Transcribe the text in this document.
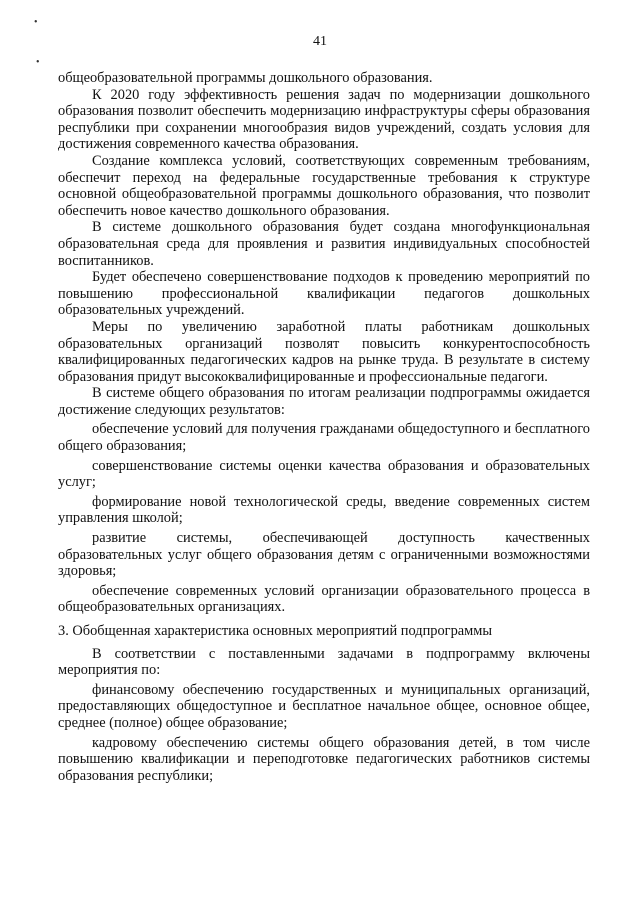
•
•
41

общеобразовательной программы дошкольного образования.

К 2020 году эффективность решения задач по модернизации дошкольного образования позволит обеспечить модернизацию инфраструктуры сферы образования республики при сохранении многообразия видов учреждений, создать условия для достижения современного качества образования.

Создание комплекса условий, соответствующих современным требованиям, обеспечит переход на федеральные государственные требования к структуре основной общеобразовательной программы дошкольного образования, что позволит обеспечить новое качество дошкольного образования.

В системе дошкольного образования будет создана многофункциональная образовательная среда для проявления и развития индивидуальных способностей воспитанников.

Будет обеспечено совершенствование подходов к проведению мероприятий по повышению профессиональной квалификации педагогов дошкольных образовательных учреждений.

Меры по увеличению заработной платы работникам дошкольных образовательных организаций позволят повысить конкурентоспособность квалифицированных педагогических кадров на рынке труда. В результате в систему образования придут высококвалифицированные и профессиональные педагоги.

В системе общего образования по итогам реализации подпрограммы ожидается достижение следующих результатов:

обеспечение условий для получения гражданами общедоступного и бесплатного общего образования;

совершенствование системы оценки качества образования и образовательных услуг;

формирование новой технологической среды, введение современных систем управления школой;

развитие системы, обеспечивающей доступность качественных образовательных услуг общего образования детям с ограниченными возможностями здоровья;

обеспечение современных условий организации образовательного процесса в общеобразовательных организациях.

3. Обобщенная характеристика основных мероприятий подпрограммы

В соответствии с поставленными задачами в подпрограмму включены мероприятия по:

финансовому обеспечению государственных и муниципальных организаций, предоставляющих общедоступное и бесплатное начальное общее, основное общее, среднее (полное) общее образование;

кадровому обеспечению системы общего образования детей, в том числе повышению квалификации и переподготовке педагогических работников системы образования республики;
